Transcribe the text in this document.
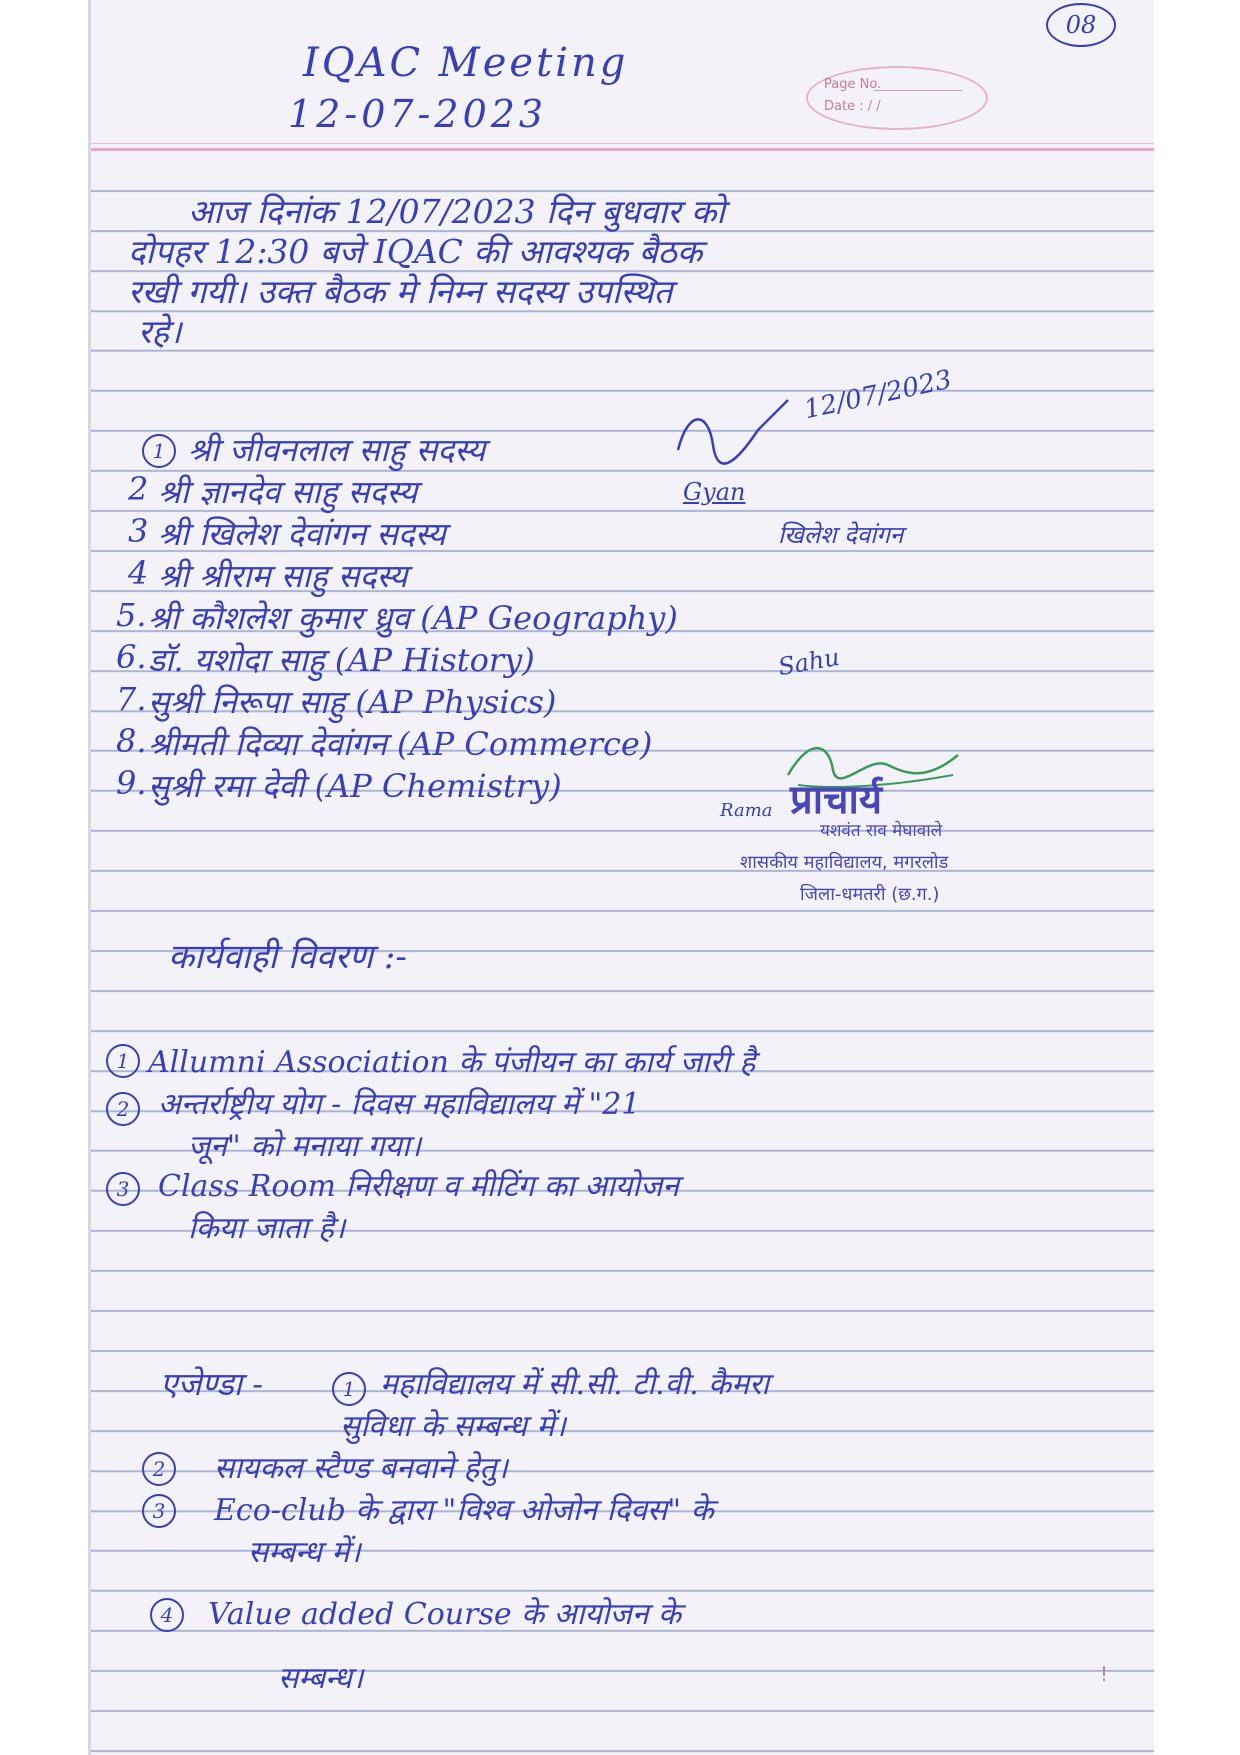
08
IQAC Meeting
12-07-2023
Page No.
Date : / /
आज दिनांक 12/07/2023 दिन बुधवार को
दोपहर 12:30 बजे IQAC की आवश्यक बैठक
रखी गयी। उक्त बैठक मे निम्न सदस्य उपस्थित
रहे।
1 श्री जीवनलाल साहु सदस्य
12/07/2023
2 श्री ज्ञानदेव साहु सदस्य	Gyan
3 श्री खिलेश देवांगन सदस्य	खिलेश देवांगन
4 श्री श्रीराम साहु सदस्य
5. श्री कौशलेश कुमार ध्रुव (AP Geography)
6. डॉ. यशोदा साहु (AP History)	Sahu
7. सुश्री निरूपा साहु (AP Physics)
8. श्रीमती दिव्या देवांगन (AP Commerce)
9. सुश्री रमा देवी (AP Chemistry)
Rama प्राचार्य
यशवंत राव मेघावाले
शासकीय महाविद्यालय, मगरलोड
जिला-धमतरी (छ.ग.)
कार्यवाही विवरण :-
1 Allumni Association के पंजीयन का कार्य जारी है
2 अन्तर्राष्ट्रीय योग - दिवस महाविद्यालय में "21
जून" को मनाया गया।
3 Class Room निरीक्षण व मीटिंग का आयोजन
किया जाता है।
एजेण्डा -	1 महाविद्यालय में सी.सी. टी.वी. कैमरा
सुविधा के सम्बन्ध में।
2	सायकल स्टैण्ड बनवाने हेतु।
3	Eco-club के द्वारा "विश्व ओजोन दिवस" के
सम्बन्ध में।
4	Value added Course के आयोजन के
सम्बन्ध।	!
